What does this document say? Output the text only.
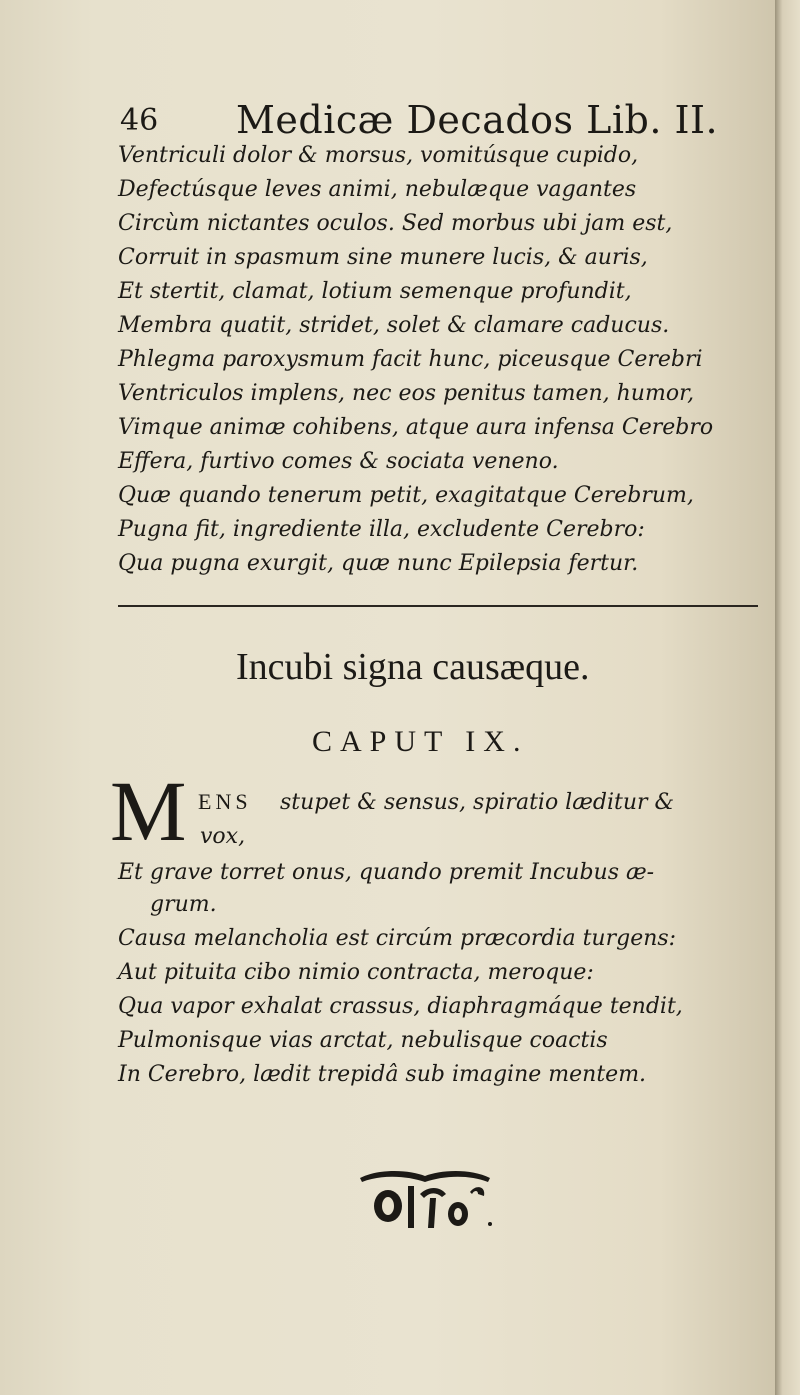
46 Medicæ Decados Lib. II.
Ventriculi dolor & morsus, vomitúsque cupido,
Defectúsque leves animi, nebulæque vagantes
Circùm nictantes oculos. Sed morbus ubi jam est,
Corruit in spasmum sine munere lucis, & auris,
Et stertit, clamat, lotium semenque profundit,
Membra quatit, stridet, solet & clamare caducus.
Phlegma paroxysmum facit hunc, piceusque Cerebri
Ventriculos implens, nec eos penitus tamen, humor,
Vimque animæ cohibens, atque aura infensa Cerebro
Effera, furtivo comes & sociata veneno.
Quæ quando tenerum petit, exagitatque Cerebrum,
Pugna fit, ingrediente illa, excludente Cerebro:
Qua pugna exurgit, quæ nunc Epilepsia fertur.
Incubi signa causæque.
CAPUT IX.
M ENS stupet & sensus, spiratio læditur &
vox,
Et grave torret onus, quando premit Incubus æ-
grum.
Causa melancholia est circúm præcordia turgens:
Aut pituita cibo nimio contracta, meroque:
Qua vapor exhalat crassus, diaphragmáque tendit,
Pulmonisque vias arctat, nebulisque coactis
In Cerebro, lædit trepidâ sub imagine mentem.
